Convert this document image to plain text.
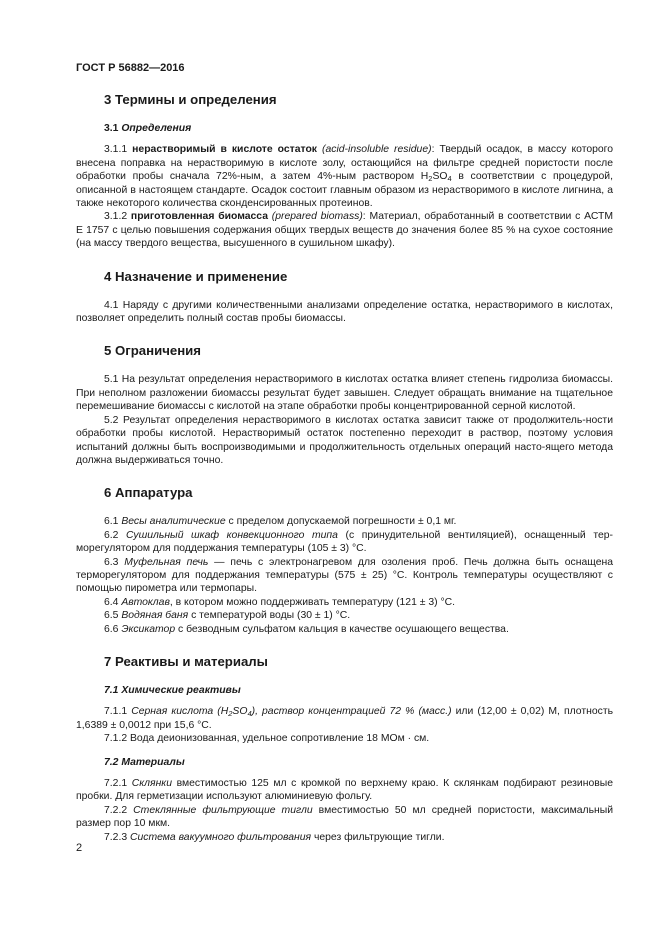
ГОСТ Р 56882—2016
3 Термины и определения
3.1 Определения

3.1.1 нерастворимый в кислоте остаток (acid-insoluble residue): Твердый осадок, в массу которого внесена поправка на нерастворимую в кислоте золу, остающийся на фильтре средней пористости после обработки пробы сначала 72%-ным, а затем 4%-ным раствором $H_2SO_4$ в соответствии с процедурой, описанной в настоящем стандарте. Осадок состоит главным образом из нерастворимого в кислоте лигнина, а также некоторого количества сконденсированных протеинов.

3.1.2 приготовленная биомасса (prepared biomass): Материал, обработанный в соответствии с АСТМ Е 1757 с целью повышения содержания общих твердых веществ до значения более 85 % на сухое состояние (на массу твердого вещества, высушенного в сушильном шкафу).

4 Назначение и применение

4.1 Наряду с другими количественными анализами определение остатка, нерастворимого в кислотах, позволяет определить полный состав пробы биомассы.

5 Ограничения

5.1 На результат определения нерастворимого в кислотах остатка влияет степень гидролиза биомассы. При неполном разложении биомассы результат будет завышен. Следует обращать внимание на тщательное перемешивание биомассы с кислотой на этапе обработки пробы концентрированной серной кислотой.

5.2 Результат определения нерастворимого в кислотах остатка зависит также от продолжитель-ности обработки пробы кислотой. Нерастворимый остаток постепенно переходит в раствор, поэтому условия испытаний должны быть воспроизводимыми и продолжительность отдельных операций насто-ящего метода должна выдерживаться точно.

6 Аппаратура

6.1 Весы аналитические с пределом допускаемой погрешности ± 0,1 мг.

6.2 Сушильный шкаф конвекционного типа (с принудительной вентиляцией), оснащенный тер-морегулятором для поддержания температуры (105 ± 3) °С.

6.3 Муфельная печь — печь с электронагревом для озоления проб. Печь должна быть оснащена терморегулятором для поддержания температуры (575 ± 25) °С. Контроль температуры осуществляют с помощью пирометра или термопары.

6.4 Автоклав, в котором можно поддерживать температуру (121 ± 3) °С.

6.5 Водяная баня с температурой воды (30 ± 1) °С.

6.6 Эксикатор с безводным сульфатом кальция в качестве осушающего вещества.

7 Реактивы и материалы
7.1 Химические реактивы

7.1.1 Серная кислота $(H_2SO_4)$, раствор концентрацией 72 % (масс.) или (12,00 ± 0,02) М, плотность 1,6389 ± 0,0012 при 15,6 °С.

7.1.2 Вода деионизованная, удельное сопротивление 18 МОм · см.

7.2 Материалы

7.2.1 Склянки вместимостью 125 мл с кромкой по верхнему краю. К склянкам подбирают резиновые пробки. Для герметизации используют алюминиевую фольгу.

7.2.2 Стеклянные фильтрующие тигли вместимостью 50 мл средней пористости, максимальный размер пор 10 мкм.

7.2.3 Система вакуумного фильтрования через фильтрующие тигли.

2
